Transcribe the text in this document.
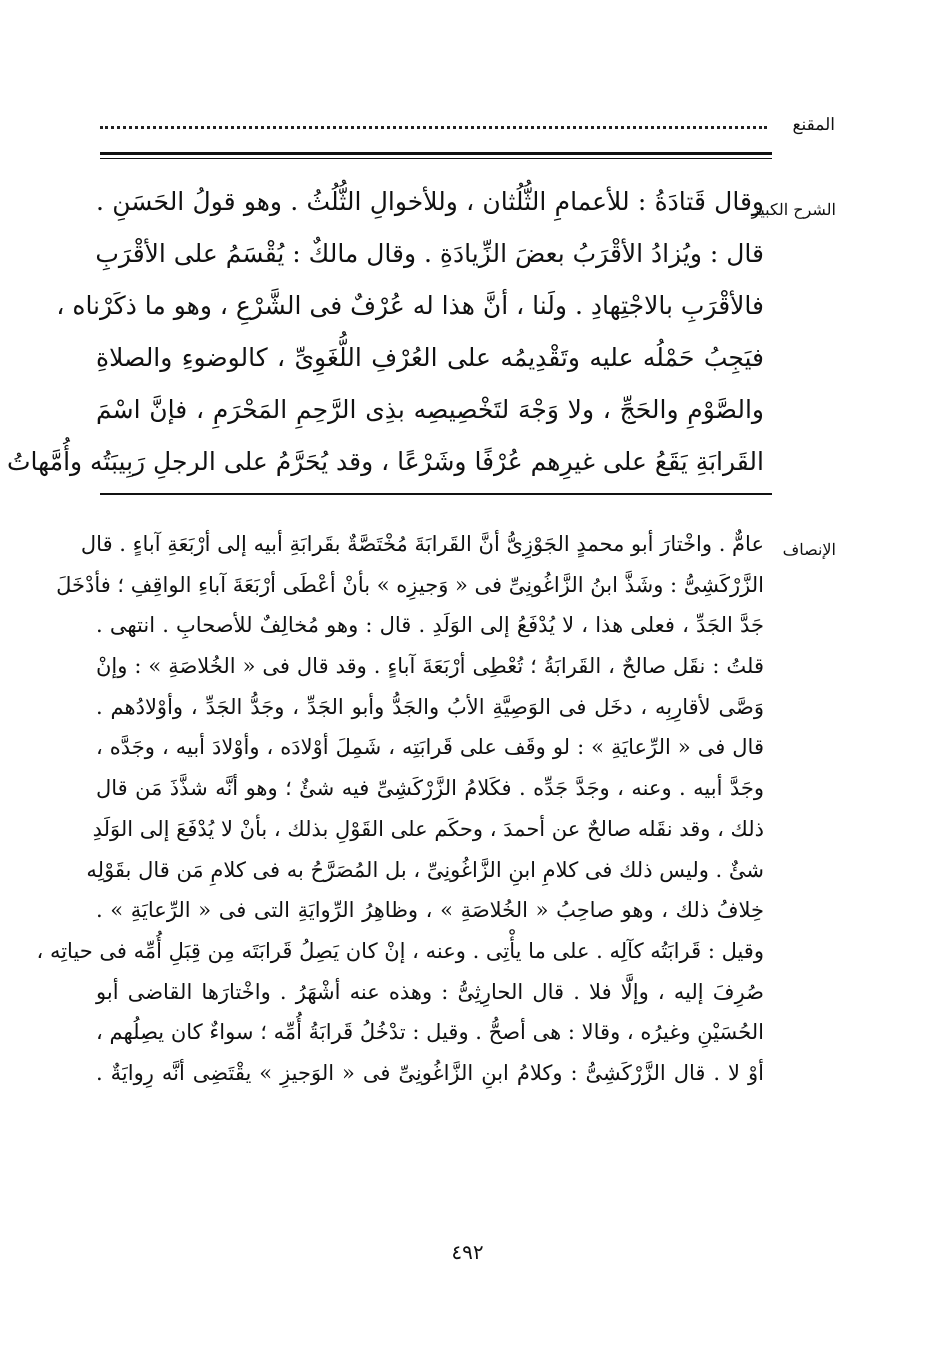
المقنع
الشرح الكبير
وقال قَتادَةُ : للأعمامِ الثُّلُثان ، وللأخوالِ الثُّلُثُ . وهو قولُ الحَسَنِ .
قال : ويُزادُ الأقْرَبُ بعضَ الزِّيادَةِ . وقال مالكٌ : يُقْسَمُ على الأقْرَبِ
فالأقْرَبِ بالاجْتِهادِ . ولَنا ، أنَّ هذا له عُرْفٌ فى الشَّرْعِ ، وهو ما ذكَرْناه ،
فيَجِبُ حَمْلُه عليه وتَقْدِيمُه على العُرْفِ اللُّغَوِىِّ ، كالوضوءِ والصلاةِ
والصَّوْمِ والحَجِّ ، ولا وَجْهَ لتَخْصِيصِه بذِى الرَّحِمِ المَحْرَمِ ، فإنَّ اسْمَ
القَرابَةِ يَقَعُ على غيرِهم عُرْفًا وشَرْعًا ، وقد يُحَرَّمُ على الرجلِ رَبِيبَتُه وأُمَّهاتُ
الإنصاف
عامٌّ . واخْتارَ أبو محمدٍ الجَوْزِىُّ أنَّ القَرابَةَ مُخْتَصَّةٌ بقَرابَةِ أبيه إلى أرْبَعَةِ آباءٍ . قال
الزَّرْكَشِىُّ : وشَذَّ ابنُ الزَّاغُونِىِّ فى « وَجيزِه » بأنْ أعْطَى أرْبَعَةَ آباءِ الواقِفِ ؛ فأدْخَلَ
جَدَّ الجَدِّ ، فعلى هذا ، لا يُدْفَعُ إلى الوَلَدِ . قال : وهو مُخالِفٌ للأصحابِ . انتهى .
قلتُ : نقَل صالحٌ ، القَرابَةُ ؛ تُعْطِى أرْبَعَةَ آباءٍ . وقد قال فى « الخُلاصَةِ » : وإنْ
وَصَّى لأقارِبِه ، دخَل فى الوَصِيَّةِ الأبُ والجَدُّ وأبو الجَدِّ ، وجَدُّ الجَدِّ ، وأوْلادُهم .
قال فى « الرِّعايَةِ » : لو وقَف على قَرابَتِه ، شَمِلَ أوْلادَه ، وأوْلادَ أبيه ، وجَدَّه ،
وجَدَّ أبيه . وعنه ، وجَدَّ جَدِّه . فكَلامُ الزَّرْكَشِىِّ فيه شئٌ ؛ وهو أنَّه شذَّذَ مَن قال
ذلك ، وقد نقَله صالحٌ عن أحمدَ ، وحكَم على القَوْلِ بذلك ، بأنْ لا يُدْفَعَ إلى الوَلَدِ
شئٌ . وليس ذلك فى كلامِ ابنِ الزَّاغُونِىِّ ، بل المُصَرَّحُ به فى كلامِ مَن قال بقَوْلِه
خِلافُ ذلك ، وهو صاحِبُ « الخُلاصَةِ » ، وظاهِرُ الرِّوايَةِ التى فى « الرِّعايَةِ » .
وقيل : قَرابَتُه كآلِه . على ما يأْتِى . وعنه ، إنْ كان يَصِلُ قَرابَتَه مِن قِبَلِ أُمِّه فى حياتِه ،
صُرِفَ إليه ، وإلَّا فلا . قال الحارِثِىُّ : وهذه عنه أشْهَرُ . واخْتارَها القاضى أبو
الحُسَيْنِ وغيرُه ، وقالا : هى أصحُّ . وقيل : تدْخُلُ قَرابَةُ أُمِّه ؛ سواءٌ كان يصِلُهم ،
أوْ لا . قال الزَّرْكَشِىُّ : وكلامُ ابنِ الزَّاغُونِىِّ فى « الوَجيزِ » يقْتَضِى أنَّه رِوايَةٌ .
٤٩٢
